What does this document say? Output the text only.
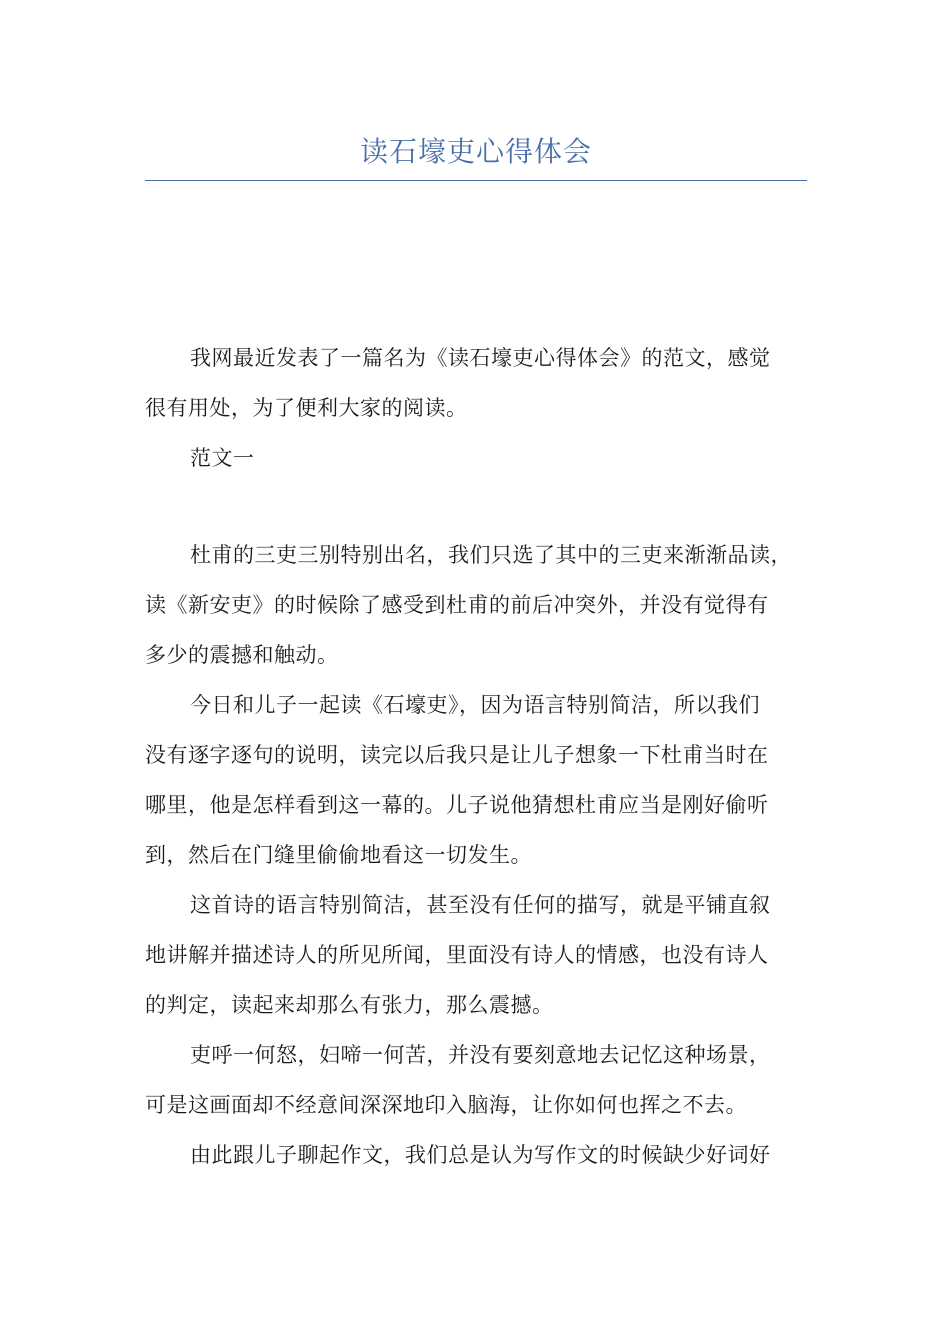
读石壕吏心得体会

我网最近发表了一篇名为《读石壕吏心得体会》的范文，感觉
很有用处，为了便利大家的阅读。

范文一

杜甫的三吏三别特别出名，我们只选了其中的三吏来渐渐品读，
读《新安吏》的时候除了感受到杜甫的前后冲突外，并没有觉得有
多少的震撼和触动。

今日和儿子一起读《石壕吏》，因为语言特别简洁，所以我们
没有逐字逐句的说明，读完以后我只是让儿子想象一下杜甫当时在
哪里，他是怎样看到这一幕的。儿子说他猜想杜甫应当是刚好偷听
到，然后在门缝里偷偷地看这一切发生。

这首诗的语言特别简洁，甚至没有任何的描写，就是平铺直叙
地讲解并描述诗人的所见所闻，里面没有诗人的情感，也没有诗人
的判定，读起来却那么有张力，那么震撼。

吏呼一何怒，妇啼一何苦，并没有要刻意地去记忆这种场景，
可是这画面却不经意间深深地印入脑海，让你如何也挥之不去。

由此跟儿子聊起作文，我们总是认为写作文的时候缺少好词好
